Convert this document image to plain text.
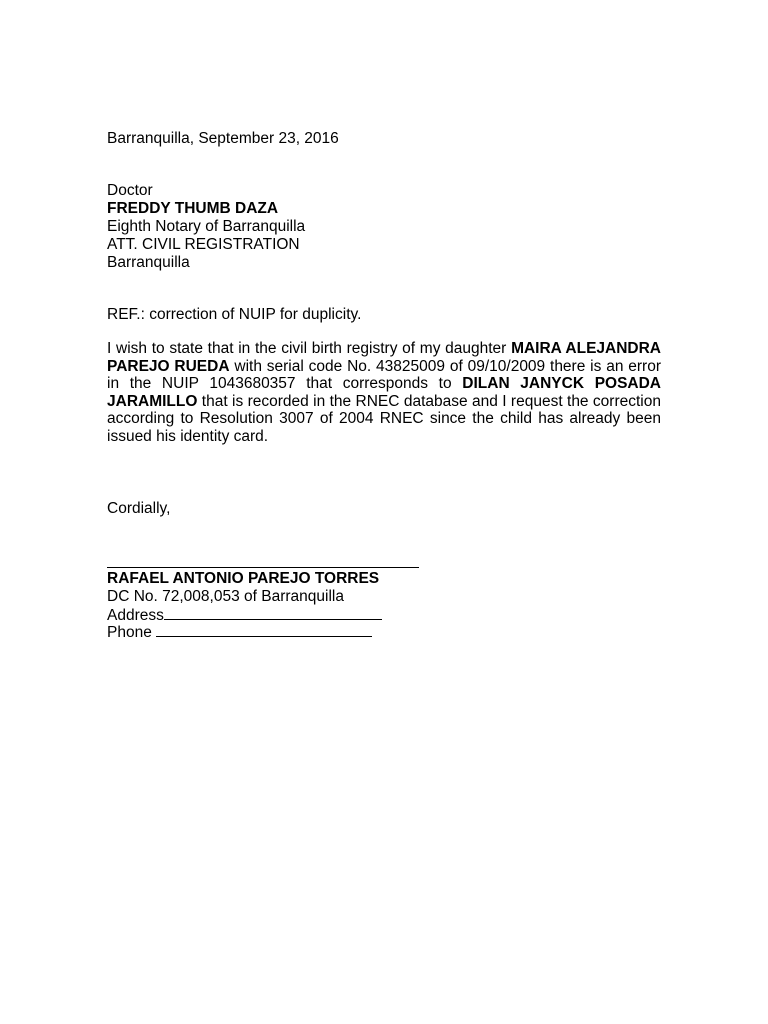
Barranquilla, September 23, 2016
Doctor
FREDDY THUMB DAZA
Eighth Notary of Barranquilla
ATT. CIVIL REGISTRATION
Barranquilla
REF.: correction of NUIP for duplicity.
I wish to state that in the civil birth registry of my daughter MAIRA ALEJANDRA PAREJO RUEDA with serial code No. 43825009 of 09/10/2009 there is an error in the NUIP 1043680357 that corresponds to DILAN JANYCK POSADA JARAMILLO that is recorded in the RNEC database and I request the correction according to Resolution 3007 of 2004 RNEC since the child has already been issued his identity card.
Cordially,
RAFAEL ANTONIO PAREJO TORRES
DC No. 72,008,053 of Barranquilla
Address
Phone
